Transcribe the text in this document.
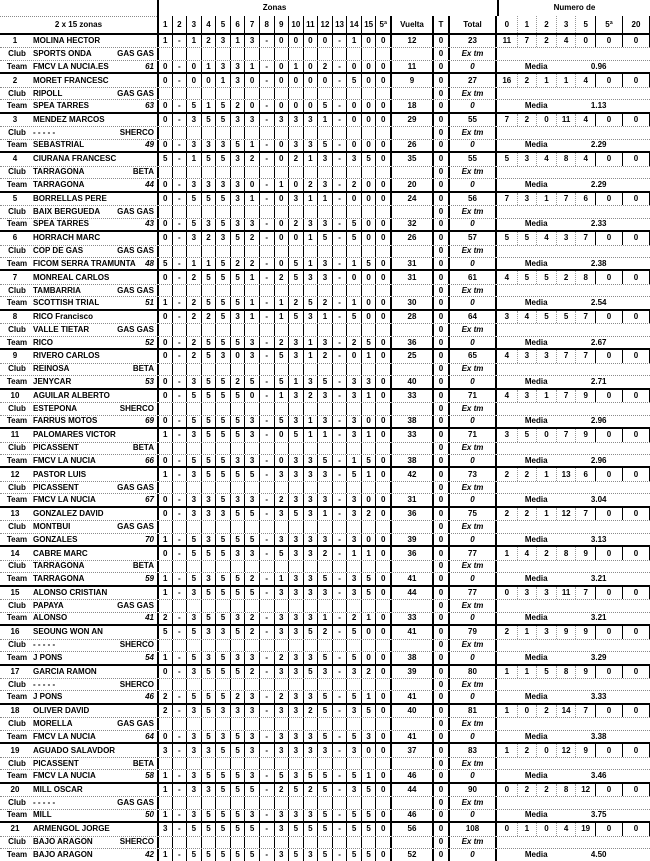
Zonas	Numero de
2 x 15 zonas	1	2	3	4	5	6	7	8	9 10 11 12 13 14 15 5ª	Vuelta	T	Total	0	1	2	3	5	5ª	20
1	MOLINA HECTOR	1	-	1	2	3	1	3	-	0	0	0	0	-	1	0	0	12	0	23	11	7	2	4	0	0	0
Club SPORTS ONDA	GAS GAS	0	Ex tm
Team FMCV LA NUCIA.ES	61	0	-	0	1	3	3	1	-	0	1	0	2	-	0	0	0	11	0	0	Media	0.96
2	MORET FRANCESC	0	-	0	0	1	3	0	-	0	0	0	0	-	5	0	0	9	0	27	16	2	1	1	4	0	0
Club RIPOLL	GAS GAS	0	Ex tm
Team SPEA TARRES	63	0	-	5	1	5	2	0	-	0	0	0	5	-	0	0	0	18	0	0	Media	1.13
3	MENDEZ MARCOS	0	-	3	5	5	3	3	-	3	3	3	1	-	0	0	0	29	0	55	7	2	0	11	4	0	0
Club - - - - -	SHERCO	0	Ex tm
Team SEBASTRIAL	49	0	-	3	3	3	5	1	-	0	3	3	5	-	0	0	0	26	0	0	Media	2.29
4	CIURANA FRANCESC	5	-	1	5	5	3	2	-	0	2	1	3	-	3	5	0	35	0	55	5	3	4	8	4	0	0
Club TARRAGONA	BETA	0	Ex tm
Team TARRAGONA	44	0	-	3	3	3	3	0	-	1	0	2	3	-	2	0	0	20	0	0	Media	2.29
5	BORRELLAS PERE	0	-	5	5	5	3	1	-	0	3	1	1	-	0	0	0	24	0	56	7	3	1	7	6	0	0
Club BAIX BERGUEDA	GAS GAS	0	Ex tm
Team SPEA TARRES	43	0	-	5	3	5	3	3	-	0	2	3	3	-	5	0	0	32	0	0	Media	2.33
6	HORRACH MARC	0	-	3	2	3	5	2	-	0	0	1	5	-	5	0	0	26	0	57	5	5	4	3	7	0	0
Club COP DE GAS	GAS GAS	0	Ex tm
Team FICOM SERRA TRAMUNTA	48	5	-	1	1	5	2	2	-	0	5	1	3	-	1	5	0	31	0	0	Media	2.38
7	MONREAL CARLOS	0	-	2	5	5	5	1	-	2	5	3	3	-	0	0	0	31	0	61	4	5	5	2	8	0	0
Club TAMBARRIA	GAS GAS	0	Ex tm
Team SCOTTISH TRIAL	51	1	-	2	5	5	5	1	-	1	2	5	2	-	1	0	0	30	0	0	Media	2.54
8	RICO Francisco	0	-	2	2	5	3	1	-	1	5	3	1	-	5	0	0	28	0	64	3	4	5	5	7	0	0
Club VALLE TIETAR	GAS GAS	0	Ex tm
Team RICO	52	0	-	2	5	5	5	3	-	2	3	1	3	-	2	5	0	36	0	0	Media	2.67
9	RIVERO CARLOS	0	-	2	5	3	0	3	-	5	3	1	2	-	0	1	0	25	0	65	4	3	3	7	7	0	0
Club REINOSA	BETA	0	Ex tm
Team JENYCAR	53	0	-	3	5	5	2	5	-	5	1	3	5	-	3	3	0	40	0	0	Media	2.71
10	AGUILAR ALBERTO	0	-	5	5	5	5	0	-	1	3	2	3	-	3	1	0	33	0	71	4	3	1	7	9	0	0
Club ESTEPONA	SHERCO	0	Ex tm
Team FARRUS MOTOS	69	0	-	5	5	5	5	3	-	5	3	1	3	-	3	0	0	38	0	0	Media	2.96
11	PALOMARES VICTOR	1	-	3	5	5	5	3	-	0	5	1	1	-	3	1	0	33	0	71	3	5	0	7	9	0	0
Club PICASSENT	BETA	0	Ex tm
Team FMCV LA NUCIA	66	0	-	5	5	5	3	3	-	0	3	3	5	-	1	5	0	38	0	0	Media	2.96
12	PASTOR LUIS	1	-	3	5	5	5	5	-	3	3	3	3	-	5	1	0	42	0	73	2	2	1	13	6	0	0
Club PICASSENT	GAS GAS	0	Ex tm
Team FMCV LA NUCIA	67	0	-	3	3	5	3	3	-	2	3	3	3	-	3	0	0	31	0	0	Media	3.04
13	GONZALEZ DAVID	0	-	3	3	3	5	5	-	3	5	3	1	-	3	2	0	36	0	75	2	2	1	12	7	0	0
Club MONTBUI	GAS GAS	0	Ex tm
Team GONZALES	70	1	-	5	3	5	5	5	-	3	3	3	3	-	3	0	0	39	0	0	Media	3.13
14	CABRE MARC	0	-	5	5	5	3	3	-	5	3	3	2	-	1	1	0	36	0	77	1	4	2	8	9	0	0
Club TARRAGONA	BETA	0	Ex tm
Team TARRAGONA	59	1	-	5	3	5	5	2	-	1	3	3	5	-	3	5	0	41	0	0	Media	3.21
15	ALONSO CRISTIAN	1	-	3	5	5	5	5	-	3	3	3	3	-	3	5	0	44	0	77	0	3	3	11	7	0	0
Club PAPAYA	GAS GAS	0	Ex tm
Team ALONSO	41	2	-	3	5	5	3	2	-	3	3	3	1	-	2	1	0	33	0	0	Media	3.21
16	SEOUNG WON AN	5	-	5	3	3	5	2	-	3	3	5	2	-	5	0	0	41	0	79	2	1	3	9	9	0	0
Club - - - - -	SHERCO	0	Ex tm
Team J PONS	54	1	-	5	3	5	3	3	-	2	3	3	5	-	5	0	0	38	0	0	Media	3.29
17	GARCIA RAMON	0	-	3	5	5	5	2	-	3	3	5	3	-	3	2	0	39	0	80	1	1	5	8	9	0	0
Club - - - - -	SHERCO	0	Ex tm
Team J PONS	46	2	-	5	5	5	2	3	-	2	3	3	5	-	5	1	0	41	0	0	Media	3.33
18	OLIVER DAVID	2	-	3	5	3	3	3	-	3	3	2	5	-	3	5	0	40	0	81	1	0	2	14	7	0	0
Club MORELLA	GAS GAS	0	Ex tm
Team FMCV LA NUCIA	64	0	-	3	5	3	5	3	-	3	3	3	5	-	5	3	0	41	0	0	Media	3.38
19	AGUADO SALAVDOR	3	-	3	3	5	5	3	-	3	3	3	3	-	3	0	0	37	0	83	1	2	0	12	9	0	0
Club PICASSENT	BETA	0	Ex tm
Team FMCV LA NUCIA	58	1	-	3	5	5	5	3	-	5	3	5	5	-	5	1	0	46	0	0	Media	3.46
20	MILL OSCAR	1	-	3	3	5	5	5	-	2	5	2	5	-	3	5	0	44	0	90	0	2	2	8	12	0	0
Club - - - - -	GAS GAS	0	Ex tm
Team MILL	50	1	-	3	5	5	5	3	-	3	3	3	5	-	5	5	0	46	0	0	Media	3.75
21	ARMENGOL JORGE	3	-	5	5	5	5	5	-	3	5	5	5	-	5	5	0	56	0	108	0	1	0	4	19	0	0
Club BAJO ARAGON	SHERCO	0	Ex tm
Team BAJO ARAGON	42	1	-	5	5	5	5	5	-	3	5	3	5	-	5	5	0	52	0	0	Media	4.50
